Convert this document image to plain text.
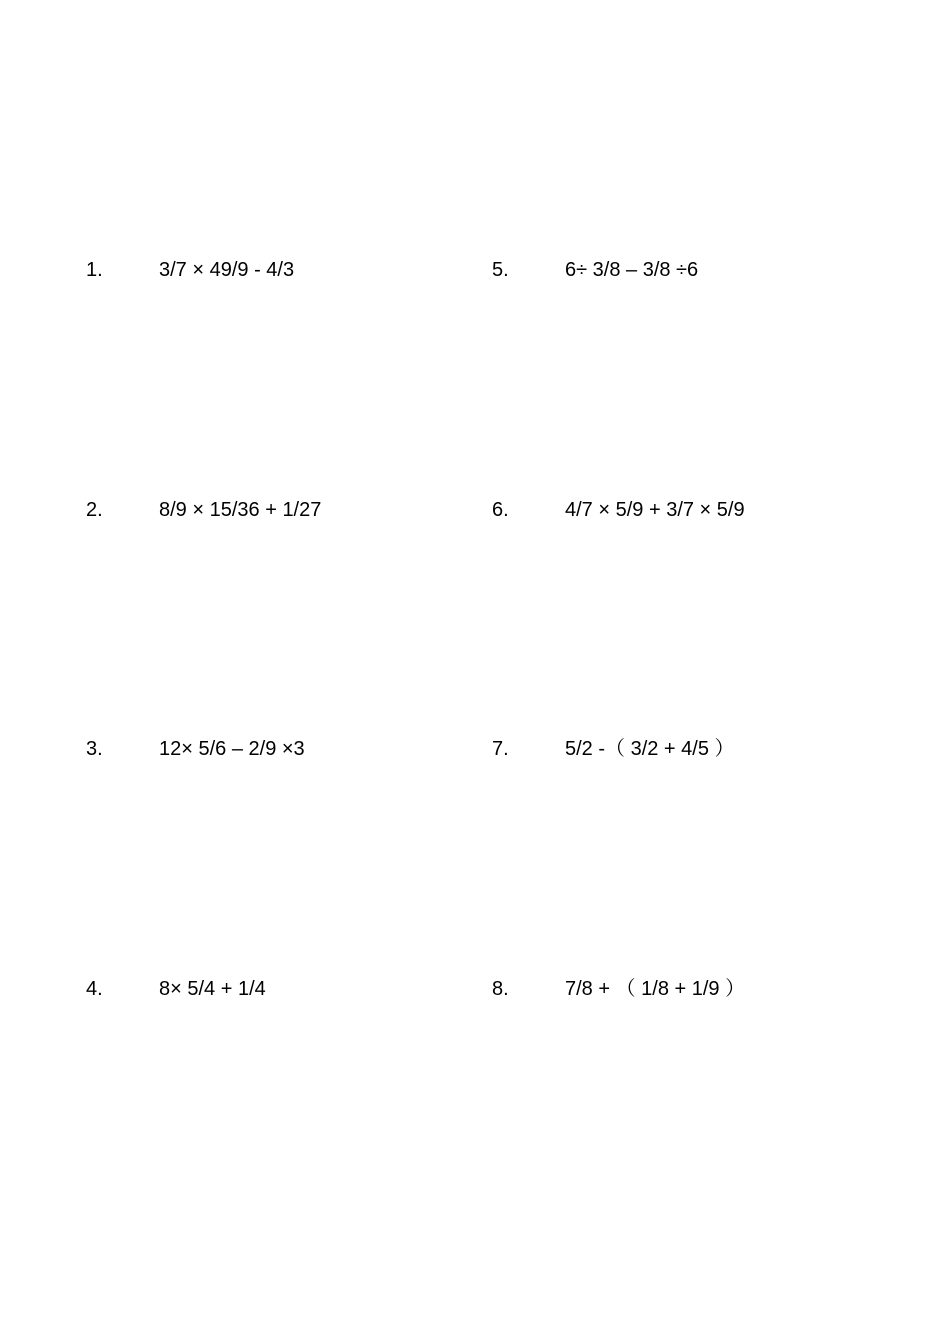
1.	3/7 × 49/9 - 4/3
2.	8/9 × 15/36 + 1/27
3.	12× 5/6 – 2/9 ×3
4.	8× 5/4 + 1/4
5.	6÷ 3/8 – 3/8 ÷6
6.	4/7 × 5/9 + 3/7 × 5/9
7.	5/2 -（ 3/2 + 4/5 ）
8.	7/8 + （ 1/8 + 1/9 ）
